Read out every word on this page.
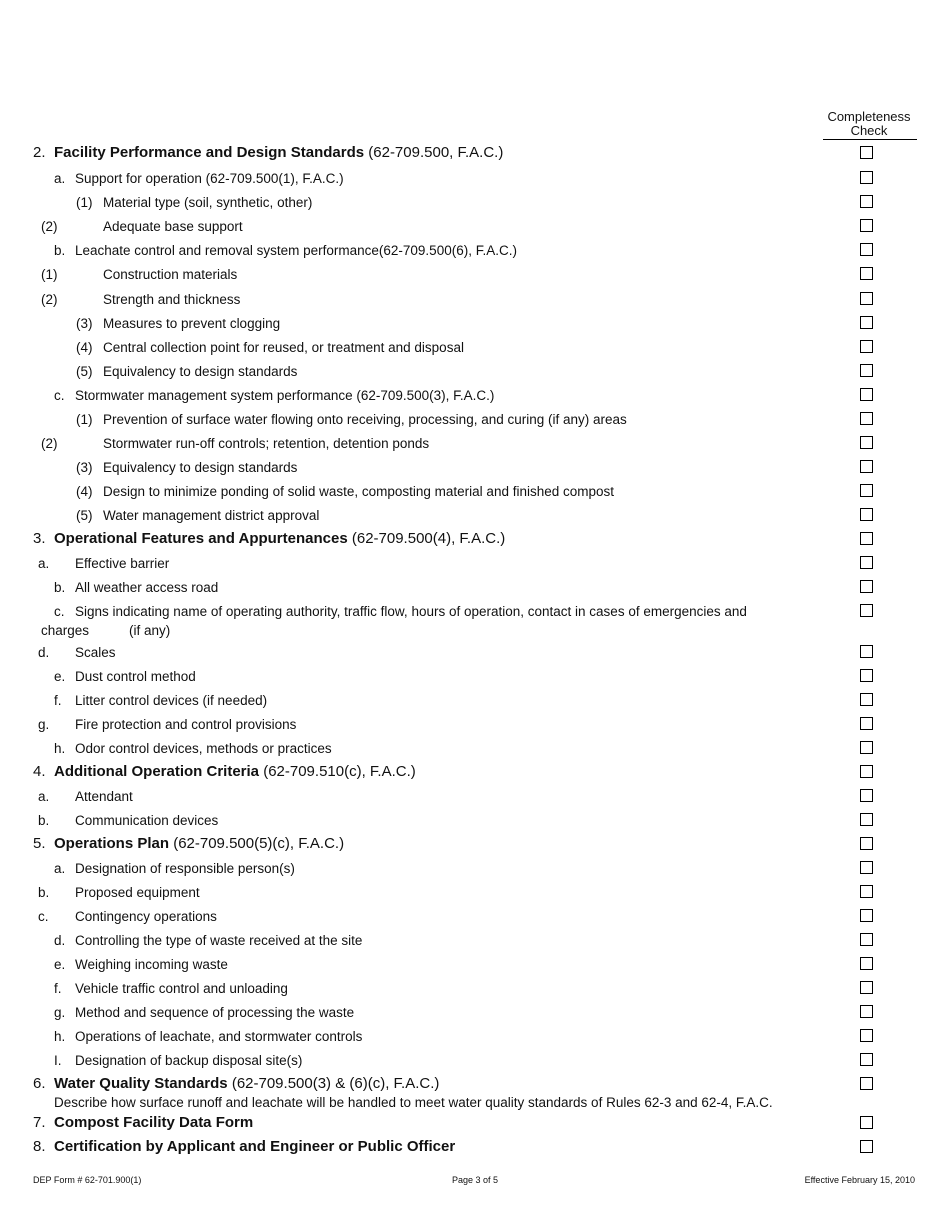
Completeness
Check
2. Facility Performance and Design Standards (62-709.500, F.A.C.)
a. Support for operation (62-709.500(1), F.A.C.)
(1) Material type (soil, synthetic, other)
(2)	Adequate base support
b. Leachate control and removal system performance(62-709.500(6), F.A.C.)
(1)	Construction materials
(2)	Strength and thickness
(3) Measures to prevent clogging
(4) Central collection point for reused, or treatment and disposal
(5) Equivalency to design standards
c. Stormwater management system performance (62-709.500(3), F.A.C.)
(1) Prevention of surface water flowing onto receiving, processing, and curing (if any) areas
(2)	Stormwater run-off controls; retention, detention ponds
(3) Equivalency to design standards
(4) Design to minimize ponding of solid waste, composting material and finished compost
(5) Water management district approval
3. Operational Features and Appurtenances (62-709.500(4), F.A.C.)
a. Effective barrier
b. All weather access road
c. Signs indicating name of operating authority, traffic flow, hours of operation, contact in cases of emergencies and
charges	(if any)
d. Scales
e. Dust control method
f. Litter control devices (if needed)
g. Fire protection and control provisions
h. Odor control devices, methods or practices
4. Additional Operation Criteria (62-709.510(c), F.A.C.)
a. Attendant
b. Communication devices
5. Operations Plan (62-709.500(5)(c), F.A.C.)
a. Designation of responsible person(s)
b. Proposed equipment
c. Contingency operations
d. Controlling the type of waste received at the site
e. Weighing incoming waste
f. Vehicle traffic control and unloading
g. Method and sequence of processing the waste
h. Operations of leachate, and stormwater controls
I. Designation of backup disposal site(s)
6. Water Quality Standards (62-709.500(3) & (6)(c), F.A.C.)
Describe how surface runoff and leachate will be handled to meet water quality standards of Rules 62-3 and 62-4, F.A.C.
7. Compost Facility Data Form
8. Certification by Applicant and Engineer or Public Officer
DEP Form # 62-701.900(1)	Page 3 of 5	Effective February 15, 2010
